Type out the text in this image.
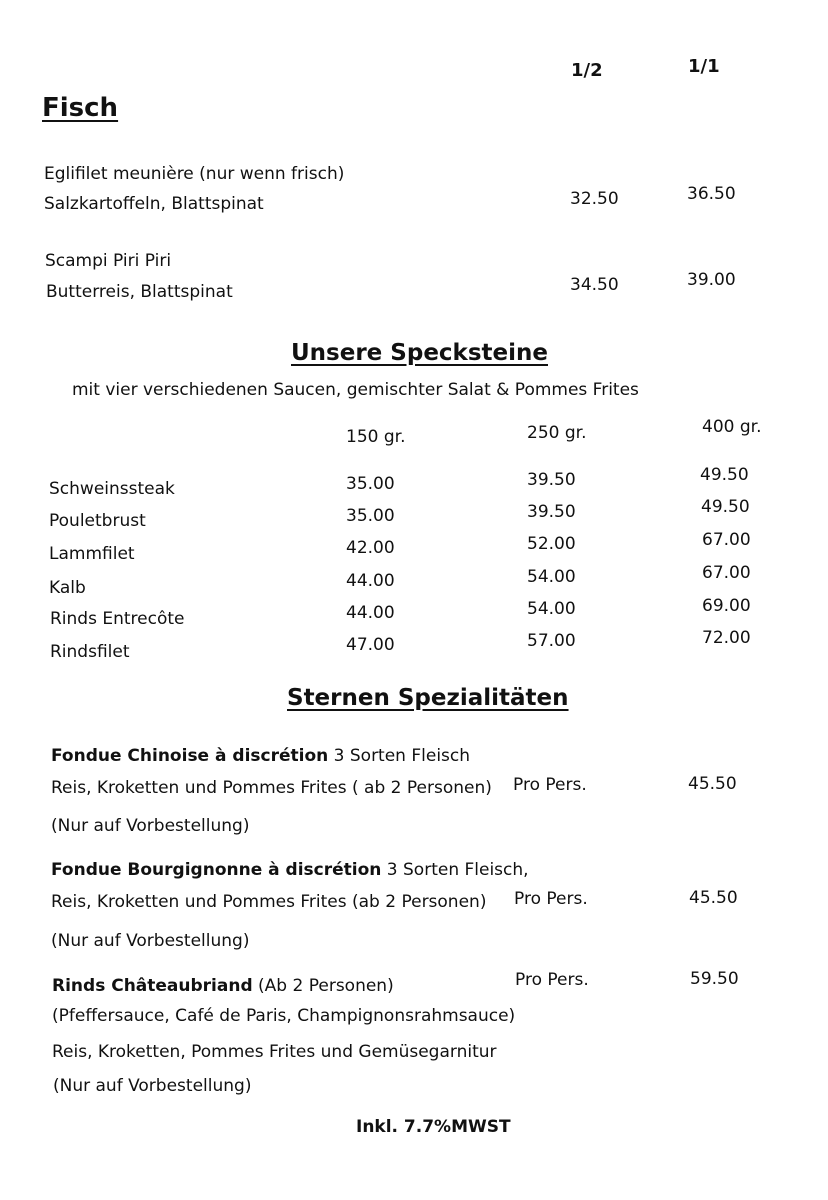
1/2	1/1
Fisch
Eglifilet meunière (nur wenn frisch)
Salzkartoffeln, Blattspinat	32.50	36.50
Scampi Piri Piri
Butterreis, Blattspinat	34.50	39.00
Unsere Specksteine
mit vier verschiedenen Saucen, gemischter Salat & Pommes Frites
150 gr.	250 gr.	400 gr.
Schweinssteak	35.00	39.50	49.50
Pouletbrust	35.00	39.50	49.50
Lammfilet	42.00	52.00	67.00
Kalb	44.00	54.00	67.00
Rinds Entrecôte	44.00	54.00	69.00
Rindsfilet	47.00	57.00	72.00
Sternen Spezialitäten
Fondue Chinoise à discrétion 3 Sorten Fleisch
Reis, Kroketten und Pommes Frites ( ab 2 Personen)
(Nur auf Vorbestellung)
Pro Pers.	45.50
Fondue Bourgignonne à discrétion 3 Sorten Fleisch,
Reis, Kroketten und Pommes Frites (ab 2 Personen)
(Nur auf Vorbestellung)
Pro Pers.	45.50
Rinds Châteaubriand (Ab 2 Personen)
(Pfeffersauce, Café de Paris, Champignonsrahmsauce)
Reis, Kroketten, Pommes Frites und Gemüsegarnitur
(Nur auf Vorbestellung)
Pro Pers.	59.50
Inkl. 7.7%MWST
